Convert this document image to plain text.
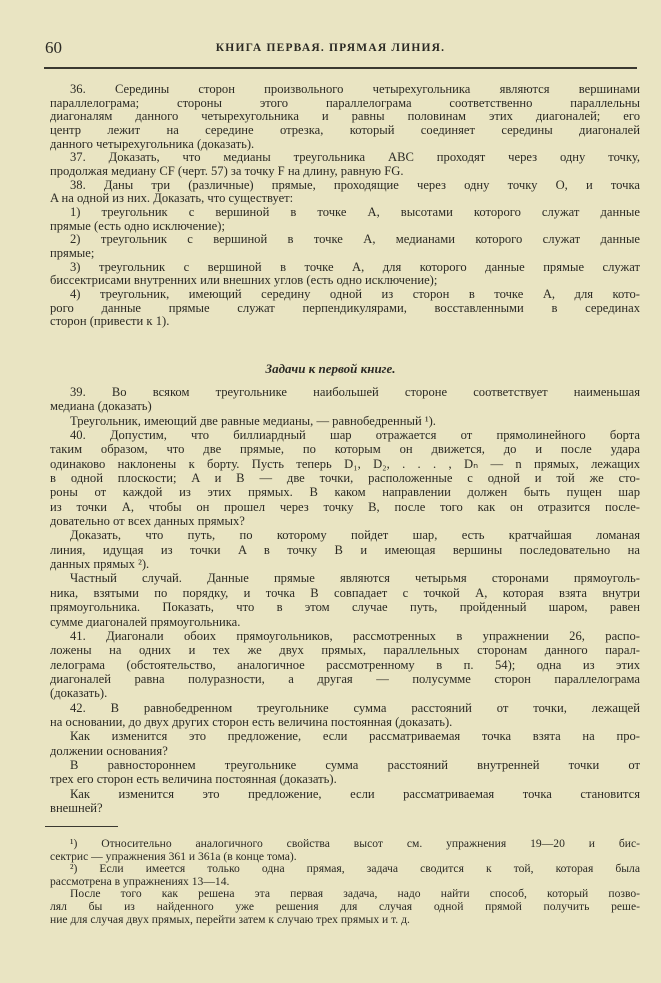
60	КНИГА ПЕРВАЯ. ПРЯМАЯ ЛИНИЯ.
36. Середины сторон произвольного четырехугольника являются вершинами
параллелограма; стороны этого параллелограма соответственно параллельны
диагоналям данного четырехугольника и равны половинам этих диагоналей; его
центр лежит на середине отрезка, который соединяет середины диагоналей
данного четырехугольника (доказать).
37. Доказать, что медианы треугольника ABC проходят через одну точку,
продолжая медиану CF (черт. 57) за точку F на длину, равную FG.
38. Даны три (различные) прямые, проходящие через одну точку O, и точка
A на одной из них. Доказать, что существует:
1) треугольник с вершиной в точке A, высотами которого служат данные
прямые (есть одно исключение);
2) треугольник с вершиной в точке A, медианами которого служат данные
прямые;
3) треугольник с вершиной в точке A, для которого данные прямые служат
биссектрисами внутренних или внешних углов (есть одно исключение);
4) треугольник, имеющий середину одной из сторон в точке A, для кото-
рого данные прямые служат перпендикулярами, восставленными в серединах
сторон (привести к 1).
Задачи к первой книге.
39. Во всяком треугольнике наибольшей стороне соответствует наименьшая
медиана (доказать)
Треугольник, имеющий две равные медианы, — равнобедренный ¹).
40. Допустим, что биллиардный шар отражается от прямолинейного борта
таким образом, что две прямые, по которым он движется, до и после удара
одинаково наклонены к борту. Пусть теперь D₁, D₂, . . . , Dₙ — n прямых, лежащих
в одной плоскости; A и B — две точки, расположенные с одной и той же сто-
роны от каждой из этих прямых. В каком направлении должен быть пущен шар
из точки A, чтобы он прошел через точку B, после того как он отразится после-
довательно от всех данных прямых?
Доказать, что путь, по которому пойдет шар, есть кратчайшая ломаная
линия, идущая из точки A в точку B и имеющая вершины последовательно на
данных прямых ²).
Частный случай. Данные прямые являются четырьмя сторонами прямоуголь-
ника, взятыми по порядку, и точка B совпадает с точкой A, которая взята внутри
прямоугольника. Показать, что в этом случае путь, пройденный шаром, равен
сумме диагоналей прямоугольника.
41. Диагонали обоих прямоугольников, рассмотренных в упражнении 26, распо-
ложены на одних и тех же двух прямых, параллельных сторонам данного парал-
лелограма (обстоятельство, аналогичное рассмотренному в п. 54); одна из этих
диагоналей равна полуразности, а другая — полусумме сторон параллелограма
(доказать).
42. В равнобедренном треугольнике сумма расстояний от точки, лежащей
на основании, до двух других сторон есть величина постоянная (доказать).
Как изменится это предложение, если рассматриваемая точка взята на про-
должении основания?
В равностороннем треугольнике сумма расстояний внутренней точки от
трех его сторон есть величина постоянная (доказать).
Как изменится это предложение, если рассматриваемая точка становится
внешней?
¹) Относительно аналогичного свойства высот см. упражнения 19—20 и бис-
сектрис — упражнения 361 и 361а (в конце тома).
²) Если имеется только одна прямая, задача сводится к той, которая была
рассмотрена в упражнениях 13—14.
После того как решена эта первая задача, надо найти способ, который позво-
лял бы из найденного уже решения для случая одной прямой получить реше-
ние для случая двух прямых, перейти затем к случаю трех прямых и т. д.
